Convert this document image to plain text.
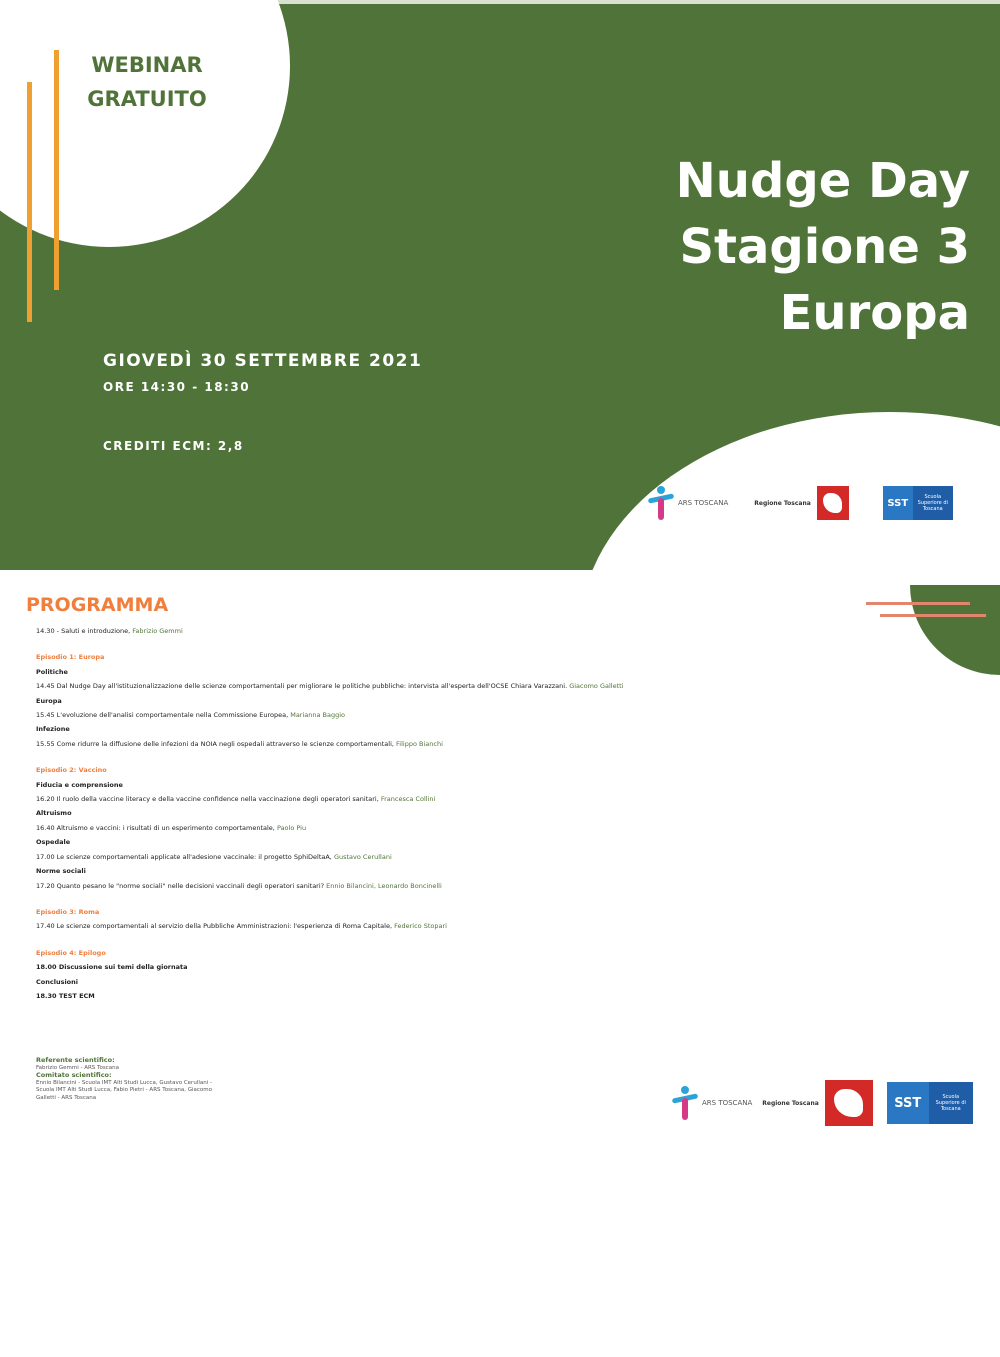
WEBINAR
GRATUITO
Nudge Day
Stagione 3
Europa
GIOVEDÌ 30 SETTEMBRE 2021
ORE 14:30 - 18:30
CREDITI ECM: 2,8
ARS TOSCANA	Regione Toscana	SST
Scuola Superiore di Toscana
PROGRAMMA
14.30 - Saluti e introduzione, Fabrizio Gemmi
Episodio 1: Europa
Politiche
14.45 Dal Nudge Day all'istituzionalizzazione delle scienze comportamentali per migliorare le politiche pubbliche: intervista all'esperta dell'OCSE Chiara Varazzani. Giacomo Galletti
Europa
15.45 L'evoluzione dell'analisi comportamentale nella Commissione Europea, Marianna Baggio
Infezione
15.55 Come ridurre la diffusione delle infezioni da NOIA negli ospedali attraverso le scienze comportamentali, Filippo Bianchi
Episodio 2: Vaccino
Fiducia e comprensione
16.20 Il ruolo della vaccine literacy e della vaccine confidence nella vaccinazione degli operatori sanitari, Francesca Collini
Altruismo
16.40 Altruismo e vaccini: i risultati di un esperimento comportamentale, Paolo Piu
Ospedale
17.00 Le scienze comportamentali applicate all'adesione vaccinale: il progetto SphiDeltaA, Gustavo Cerullani
Norme sociali
17.20 Quanto pesano le "norme sociali" nelle decisioni vaccinali degli operatori sanitari? Ennio Bilancini, Leonardo Boncinelli
Episodio 3: Roma
17.40 Le scienze comportamentali al servizio della Pubbliche Amministrazioni: l'esperienza di Roma Capitale, Federico Stopari
Episodio 4: Epilogo
18.00 Discussione sui temi della giornata
Conclusioni
18.30 TEST ECM
Referente scientifico:
Fabrizio Gemmi - ARS Toscana
Comitato scientifico:
Ennio Bilancini - Scuola IMT Alti Studi Lucca, Gustavo Cerullani - Scuola IMT Alti Studi Lucca, Fabio Pietri - ARS Toscana, Giacomo Galletti - ARS Toscana
ARS TOSCANA Regione Toscana	SST	Scuola Superiore di Toscana
